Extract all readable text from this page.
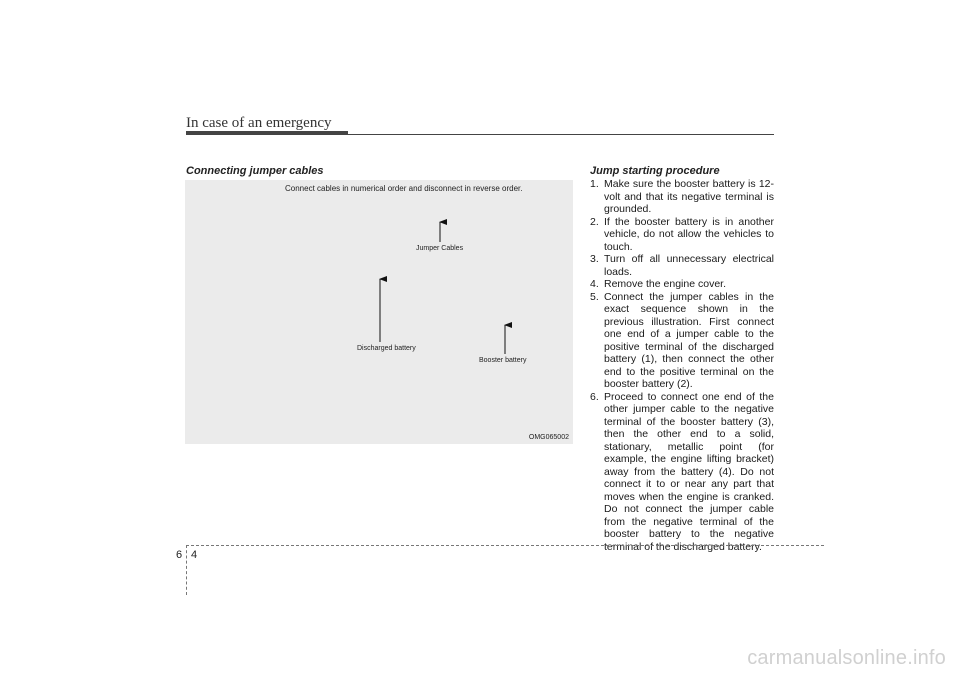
In case of an emergency
Connecting jumper cables
Connect cables in numerical order and disconnect in reverse order.
Jumper Cables
Discharged battery
Booster battery
OMG065002
Jump starting procedure
1. Make sure the booster battery is 12-volt and that its negative terminal is grounded.
2. If the booster battery is in another vehicle, do not allow the vehicles to touch.
3. Turn off all unnecessary electrical loads.
4. Remove the engine cover.
5. Connect the jumper cables in the exact sequence shown in the previous illustration. First connect one end of a jumper cable to the positive terminal of the discharged battery (1), then connect the other end to the positive terminal on the booster battery (2).
6. Proceed to connect one end of the other jumper cable to the negative terminal of the booster battery (3), then the other end to a solid, stationary, metallic point (for example, the engine lifting bracket) away from the battery (4). Do not connect it to or near any part that moves when the engine is cranked. Do not connect the jumper cable from the negative terminal of the booster battery to the negative terminal of the discharged battery.
6 4
carmanualsonline.info
